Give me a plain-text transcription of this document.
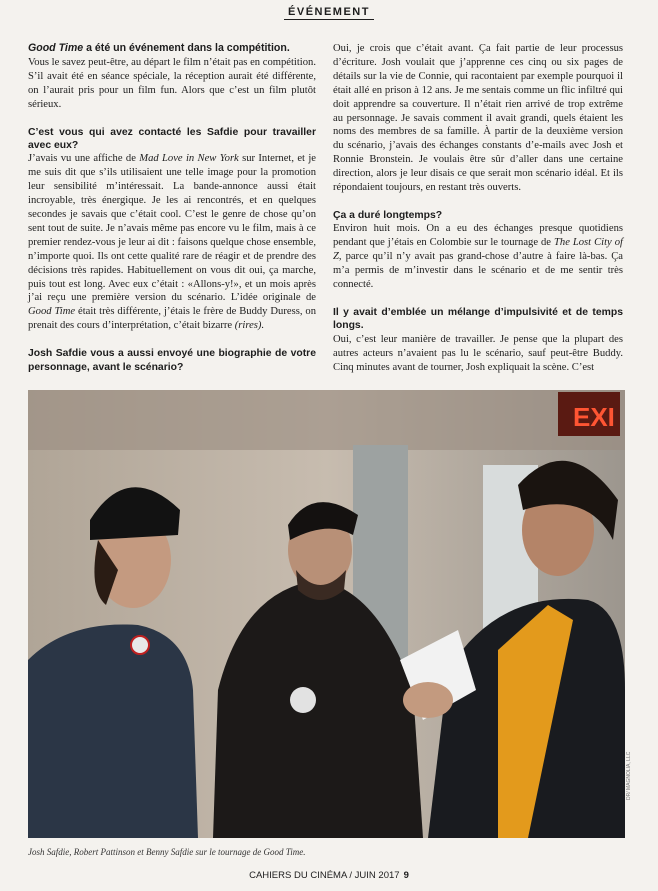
ÉVÉNEMENT

Good Time a été un événement dans la compétition.
Vous le savez peut-être, au départ le film n’était pas en compétition. S’il avait été en séance spéciale, la réception aurait été différente, on l’aurait pris pour un film fun. Alors que c’est un film plutôt sérieux.

C’est vous qui avez contacté les Safdie pour travailler avec eux?

J’avais vu une affiche de Mad Love in New York sur Internet, et je me suis dit que s’ils utilisaient une telle image pour la promotion leur sensibilité m’intéressait. La bande-annonce aussi était incroyable, très énergique. Je les ai rencontrés, et en quelques secondes je savais que c’était cool. C’est le genre de chose qu’on sent tout de suite. Je n’avais même pas encore vu le film, mais à ce premier rendez-vous je leur ai dit : faisons quelque chose ensemble, n’importe quoi. Ils ont cette qualité rare de réagir et de prendre des décisions très rapides. Habituellement on vous dit oui, ça marche, puis tout est long. Avec eux c’était : «Allons-y!», et un mois après j’ai reçu une première version du scénario. L’idée originale de Good Time était très différente, j’étais le frère de Buddy Duress, on prenait des cours d’interprétation, c’était bizarre (rires).

Josh Safdie vous a aussi envoyé une biographie de votre personnage, avant le scénario?

Oui, je crois que c’était avant. Ça fait partie de leur processus d’écriture. Josh voulait que j’apprenne ces cinq ou six pages de détails sur la vie de Connie, qui racontaient par exemple pourquoi il était allé en prison à 12 ans. Je me sentais comme un flic infiltré qui doit apprendre sa couverture. Il n’était rien arrivé de trop extrême au personnage. Je savais comment il avait grandi, quels étaient les noms des membres de sa famille. À partir de la deuxième version du scénario, j’avais des échanges constants d’e-mails avec Josh et Ronnie Bronstein. Je voulais être sûr d’aller dans une certaine direction, alors je leur disais ce que serait mon scénario idéal. Et ils répondaient toujours, en restant très ouverts.

Ça a duré longtemps?

Environ huit mois. On a eu des échanges presque quotidiens pendant que j’étais en Colombie sur le tournage de The Lost City of Z, parce qu’il n’y avait pas grand-chose d’autre à faire là-bas. Ça m’a permis de m’investir dans le scénario et de me sentir très connecté.

Il y avait d’emblée un mélange d’impulsivité et de temps longs.

Oui, c’est leur manière de travailler. Je pense que la plupart des autres acteurs n’avaient pas lu le scénario, sauf peut-être Buddy. Cinq minutes avant de tourner, Josh expliquait la scène. C’est

EXI
DR/ MAGNOLIA, LLC
Josh Safdie, Robert Pattinson et Benny Safdie sur le tournage de Good Time.
CAHIERS DU CINÉMA / JUIN 2017 9
